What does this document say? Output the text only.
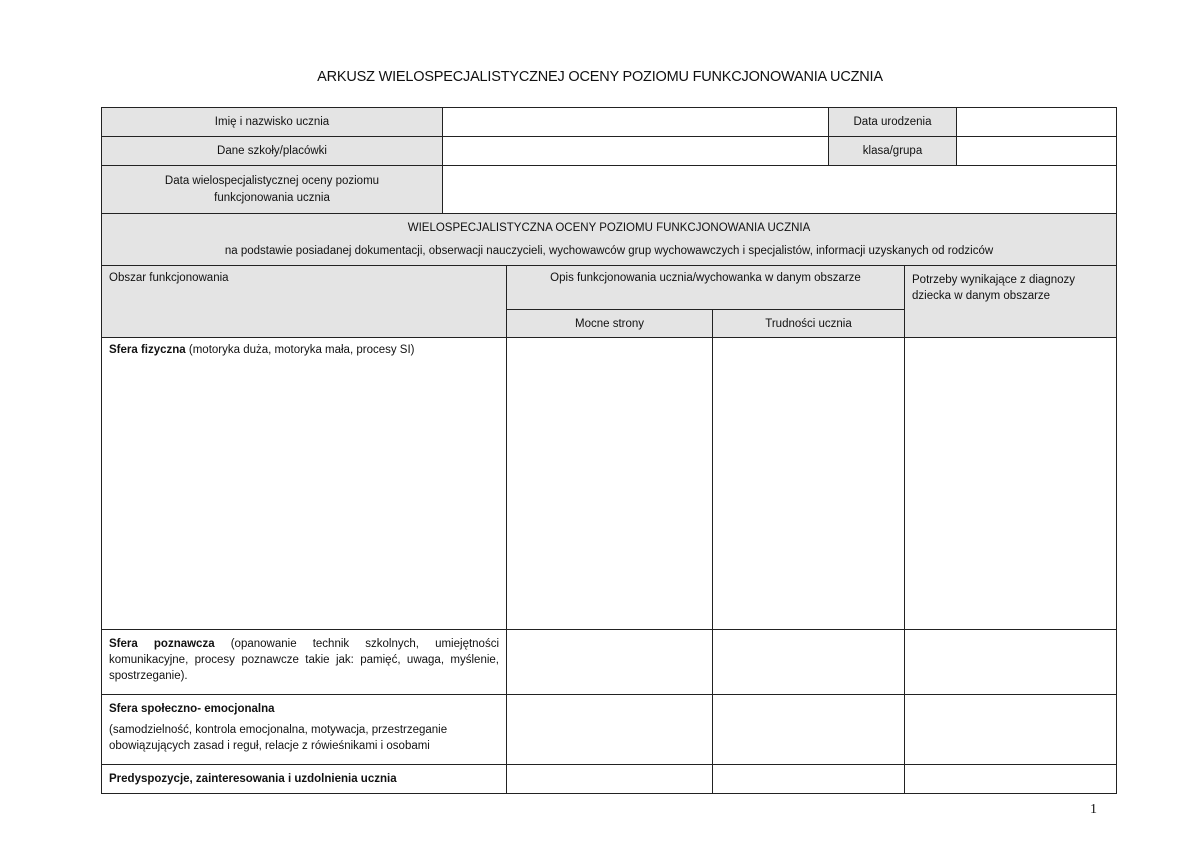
ARKUSZ WIELOSPECJALISTYCZNEJ OCENY POZIOMU FUNKCJONOWANIA UCZNIA
Imię i nazwisko ucznia		Data urodzenia	
Dane szkoły/placówki		klasa/grupa	
Data wielospecjalistycznej oceny poziomu funkcjonowania ucznia			

WIELOSPECJALISTYCZNA OCENY POZIOMU FUNKCJONOWANIA UCZNIA
na podstawie posiadanej dokumentacji, obserwacji nauczycieli, wychowawców grup wychowawczych i specjalistów, informacji uzyskanych od rodziców			
Obszar funkcjonowania	Opis funkcjonowania ucznia/wychowanka w danym obszarze		Potrzeby wynikające z diagnozy dziecka w danym obszarze
	Mocne strony	Trudności ucznia	
Sfera fizyczna (motoryka duża, motoryka mała, procesy SI)			
Sfera poznawcza (opanowanie technik szkolnych, umiejętności komunikacyjne, procesy poznawcze takie jak: pamięć, uwaga, myślenie, spostrzeganie).			

Sfera społeczno- emocjonalna
(samodzielność, kontrola emocjonalna, motywacja, przestrzeganie obowiązujących zasad i reguł, relacje z rówieśnikami i osobami			

Predyspozycje, zainteresowania i uzdolnienia ucznia			
1
